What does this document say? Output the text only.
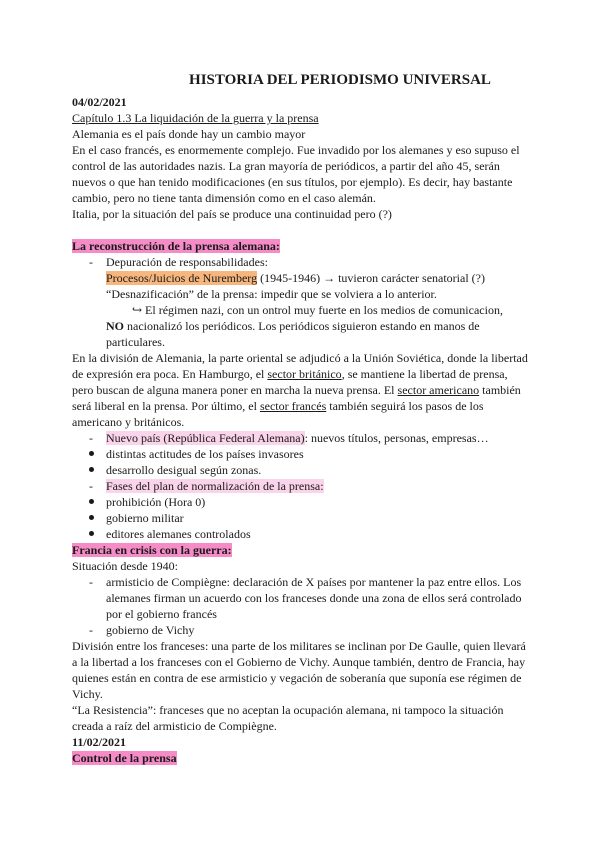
HISTORIA DEL PERIODISMO UNIVERSAL

04/02/2021

Capítulo 1.3 La liquidación de la guerra y la prensa

Alemania es el país donde hay un cambio mayor

En el caso francés, es enormemente complejo. Fue invadido por los alemanes y eso supuso el control de las autoridades nazis. La gran mayoría de periódicos, a partir del año 45, serán nuevos o que han tenido modificaciones (en sus títulos, por ejemplo). Es decir, hay bastante cambio, pero no tiene tanta dimensión como en el caso alemán.

Italia, por la situación del país se produce una continuidad pero (?)

La reconstrucción de la prensa alemana:

- Depuración de responsabilidades:

Procesos/Juicios de Nuremberg (1945-1946) → tuvieron carácter senatorial (?)

“Desnazificación” de la prensa: impedir que se volviera a lo anterior.

↪ El régimen nazi, con un ontrol muy fuerte en los medios de comunicacion,

NO nacionalizó los periódicos. Los periódicos siguieron estando en manos de particulares.

En la división de Alemania, la parte oriental se adjudicó a la Unión Soviética, donde la libertad de expresión era poca. En Hamburgo, el sector británico, se mantiene la libertad de prensa, pero buscan de alguna manera poner en marcha la nueva prensa. El sector americano también será liberal en la prensa. Por último, el sector francés también seguirá los pasos de los americano y británicos.

- Nuevo país (República Federal Alemana): nuevos títulos, personas, empresas…
distintas actitudes de los países invasores
desarrollo desigual según zonas.
- Fases del plan de normalización de la prensa:
prohibición (Hora 0)
gobierno militar
editores alemanes controlados

Francia en crisis con la guerra:

Situación desde 1940:

- armisticio de Compiègne: declaración de X países por mantener la paz entre ellos. Los alemanes firman un acuerdo con los franceses donde una zona de ellos será controlado por el gobierno francés
- gobierno de Vichy

División entre los franceses: una parte de los militares se inclinan por De Gaulle, quien llevará a la libertad a los franceses con el Gobierno de Vichy. Aunque también, dentro de Francia, hay quienes están en contra de ese armisticio y vegación de soberanía que suponía ese régimen de Vichy.

“La Resistencia”: franceses que no aceptan la ocupación alemana, ni tampoco la situación creada a raíz del armisticio de Compiègne.

11/02/2021

Control de la prensa
